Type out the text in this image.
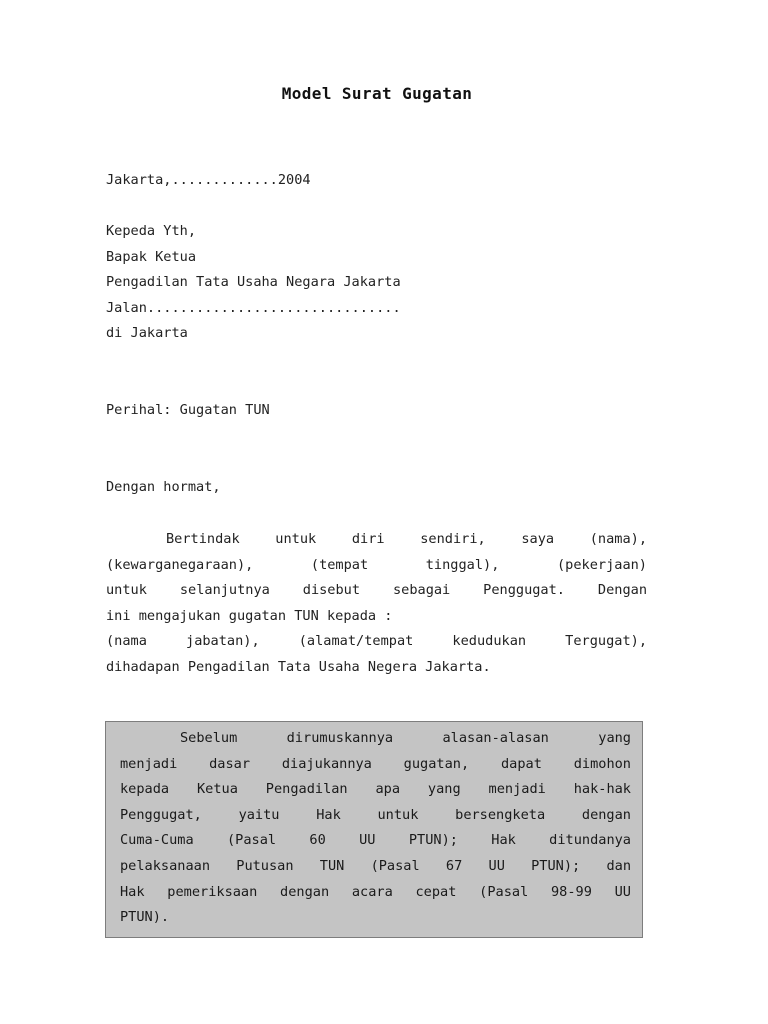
Model Surat Gugatan

Jakarta,.............2004

Kepeda Yth,

Bapak Ketua

Pengadilan Tata Usaha Negara Jakarta

Jalan...............................

di Jakarta

Perihal: Gugatan TUN

Dengan hormat,

Bertindak untuk diri sendiri, saya (nama),
(kewarganegaraan), (tempat tinggal), (pekerjaan)
untuk selanjutnya disebut sebagai Penggugat. Dengan
ini mengajukan gugatan TUN kepada :
(nama jabatan), (alamat/tempat kedudukan Tergugat),
dihadapan Pengadilan Tata Usaha Negera Jakarta.
Sebelum dirumuskannya alasan-alasan yang
menjadi dasar diajukannya gugatan, dapat dimohon
kepada Ketua Pengadilan apa yang menjadi hak-hak
Penggugat, yaitu Hak untuk bersengketa dengan
Cuma-Cuma (Pasal 60 UU PTUN); Hak ditundanya
pelaksanaan Putusan TUN (Pasal 67 UU PTUN); dan
Hak pemeriksaan dengan acara cepat (Pasal 98-99 UU
PTUN).
